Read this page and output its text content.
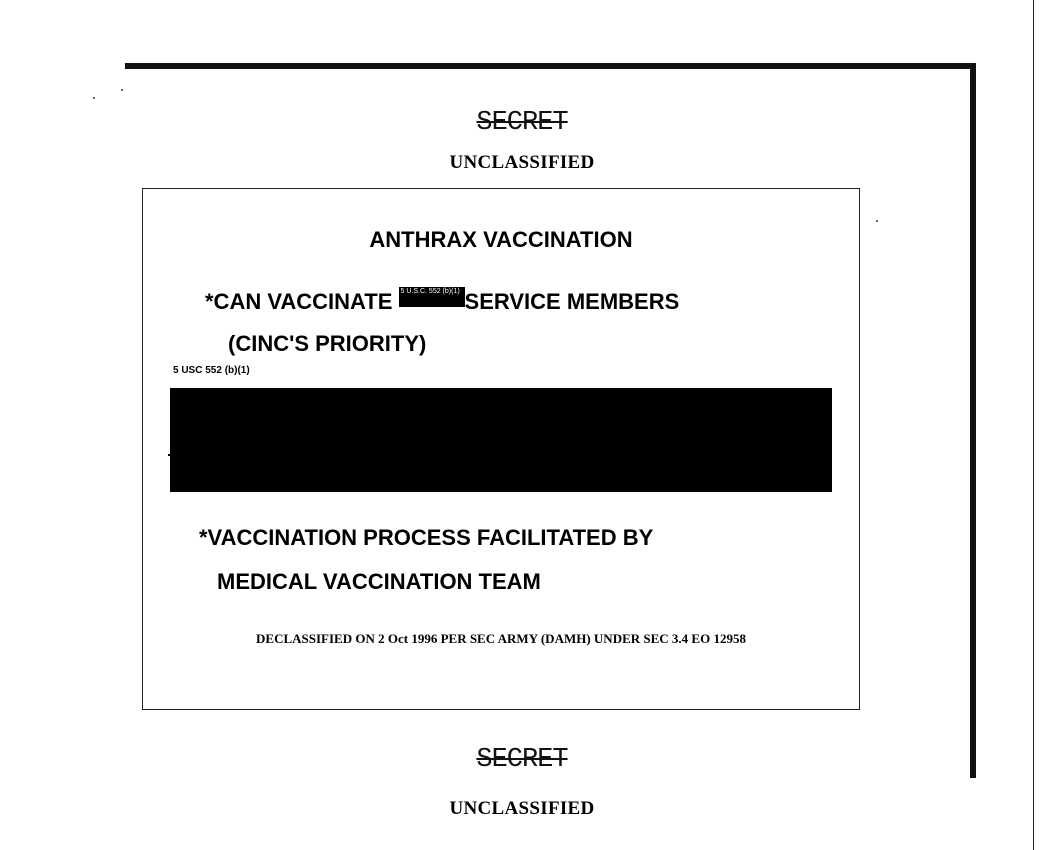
SECRET
UNCLASSIFIED
ANTHRAX VACCINATION
*CAN VACCINATE 5 U.S.C. 552 (b)(1) SERVICE MEMBERS
(CINC'S PRIORITY)
5 USC 552 (b)(1)
*VACCINATION PROCESS FACILITATED BY
MEDICAL VACCINATION TEAM
DECLASSIFIED ON 2 Oct 1996 PER SEC ARMY (DAMH) UNDER SEC 3.4 EO 12958
SECRET
UNCLASSIFIED
